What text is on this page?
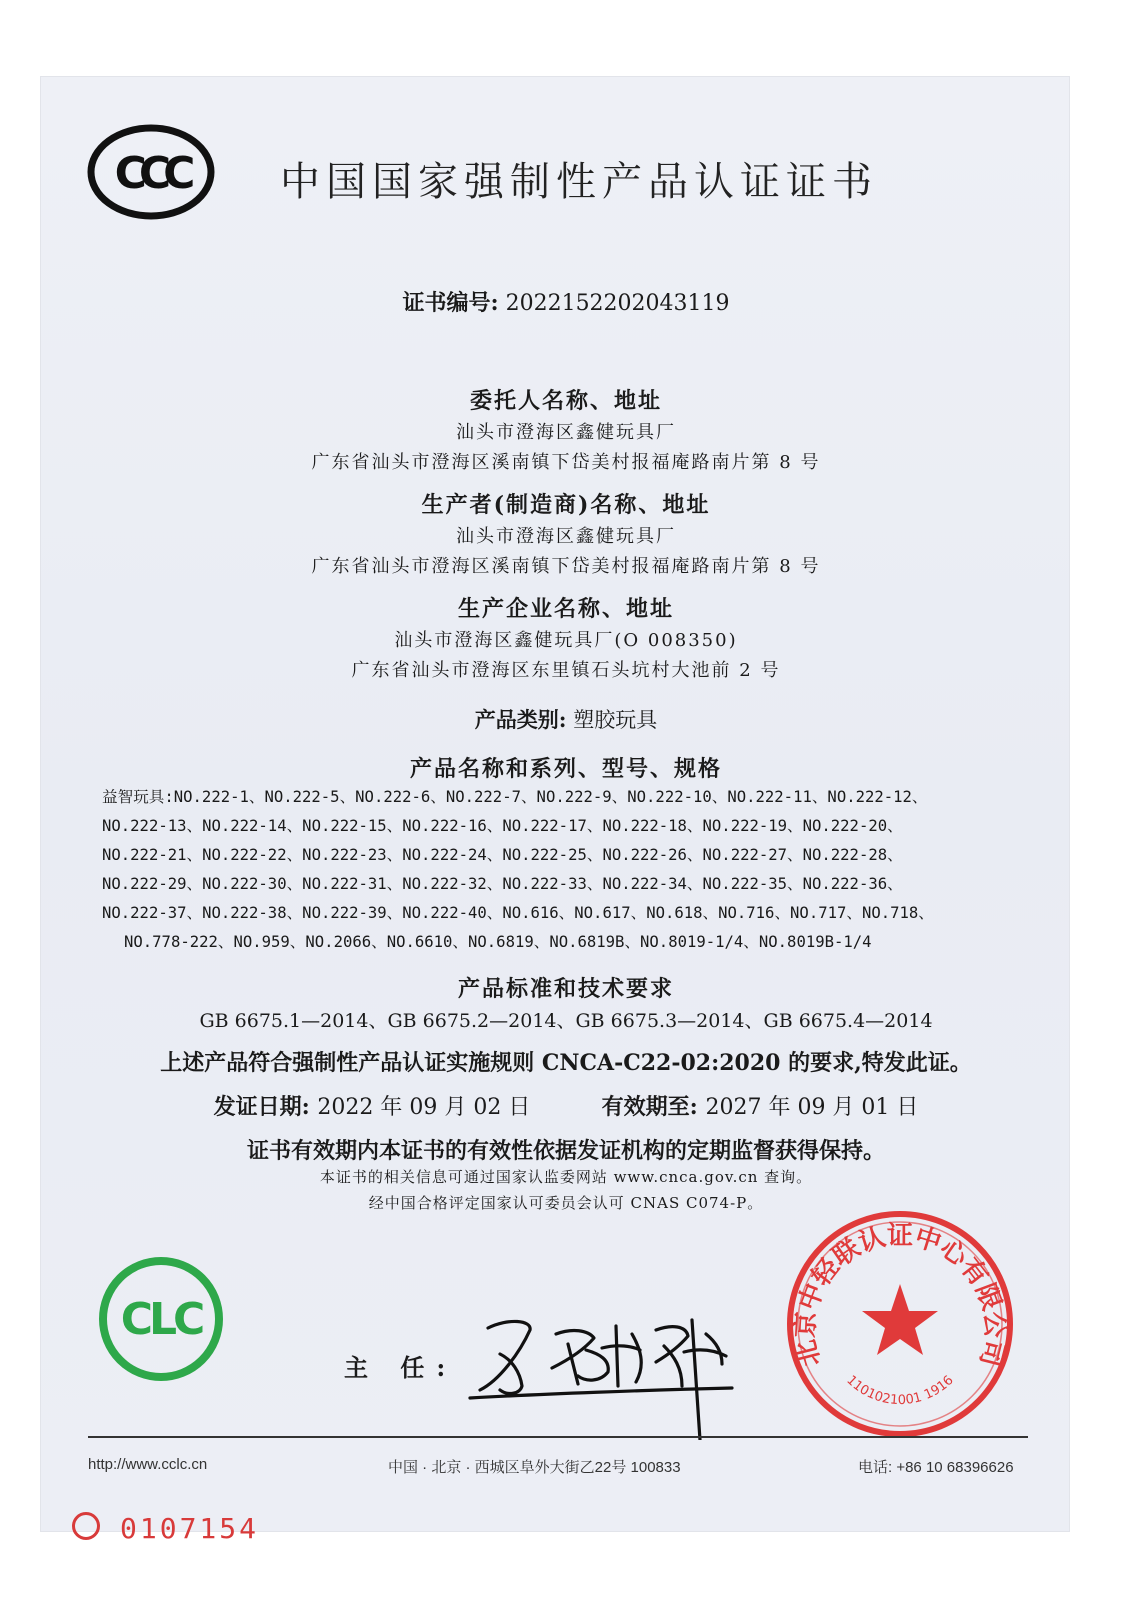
CCC 中国国家强制性产品认证证书
证书编号: 2022152202043119
委托人名称、地址
汕头市澄海区鑫健玩具厂
广东省汕头市澄海区溪南镇下岱美村报福庵路南片第 8 号
生产者(制造商)名称、地址
汕头市澄海区鑫健玩具厂
广东省汕头市澄海区溪南镇下岱美村报福庵路南片第 8 号
生产企业名称、地址
汕头市澄海区鑫健玩具厂(O 008350)
广东省汕头市澄海区东里镇石头坑村大池前 2 号
产品类别: 塑胶玩具
产品名称和系列、型号、规格
益智玩具:NO.222-1、NO.222-5、NO.222-6、NO.222-7、NO.222-9、NO.222-10、NO.222-11、NO.222-12、
NO.222-13、NO.222-14、NO.222-15、NO.222-16、NO.222-17、NO.222-18、NO.222-19、NO.222-20、
NO.222-21、NO.222-22、NO.222-23、NO.222-24、NO.222-25、NO.222-26、NO.222-27、NO.222-28、
NO.222-29、NO.222-30、NO.222-31、NO.222-32、NO.222-33、NO.222-34、NO.222-35、NO.222-36、
NO.222-37、NO.222-38、NO.222-39、NO.222-40、NO.616、NO.617、NO.618、NO.716、NO.717、NO.718、
NO.778-222、NO.959、NO.2066、NO.6610、NO.6819、NO.6819B、NO.8019-1/4、NO.8019B-1/4
产品标准和技术要求
GB 6675.1—2014、GB 6675.2—2014、GB 6675.3—2014、GB 6675.4—2014
上述产品符合强制性产品认证实施规则 CNCA-C22-02:2020 的要求,特发此证。
发证日期: 2022 年 09 月 02 日	有效期至: 2027 年 09 月 01 日
证书有效期内本证书的有效性依据发证机构的定期监督获得保持。
本证书的相关信息可通过国家认监委网站 www.cnca.gov.cn 查询。
经中国合格评定国家认可委员会认可 CNAS C074-P。
CLC
主 任:	北京中轻联认证中心有限公司
1101021001 1916
http://www.cclc.cn	中国 · 北京 · 西城区阜外大街乙22号 100833	电话: +86 10 68396626
0107154
